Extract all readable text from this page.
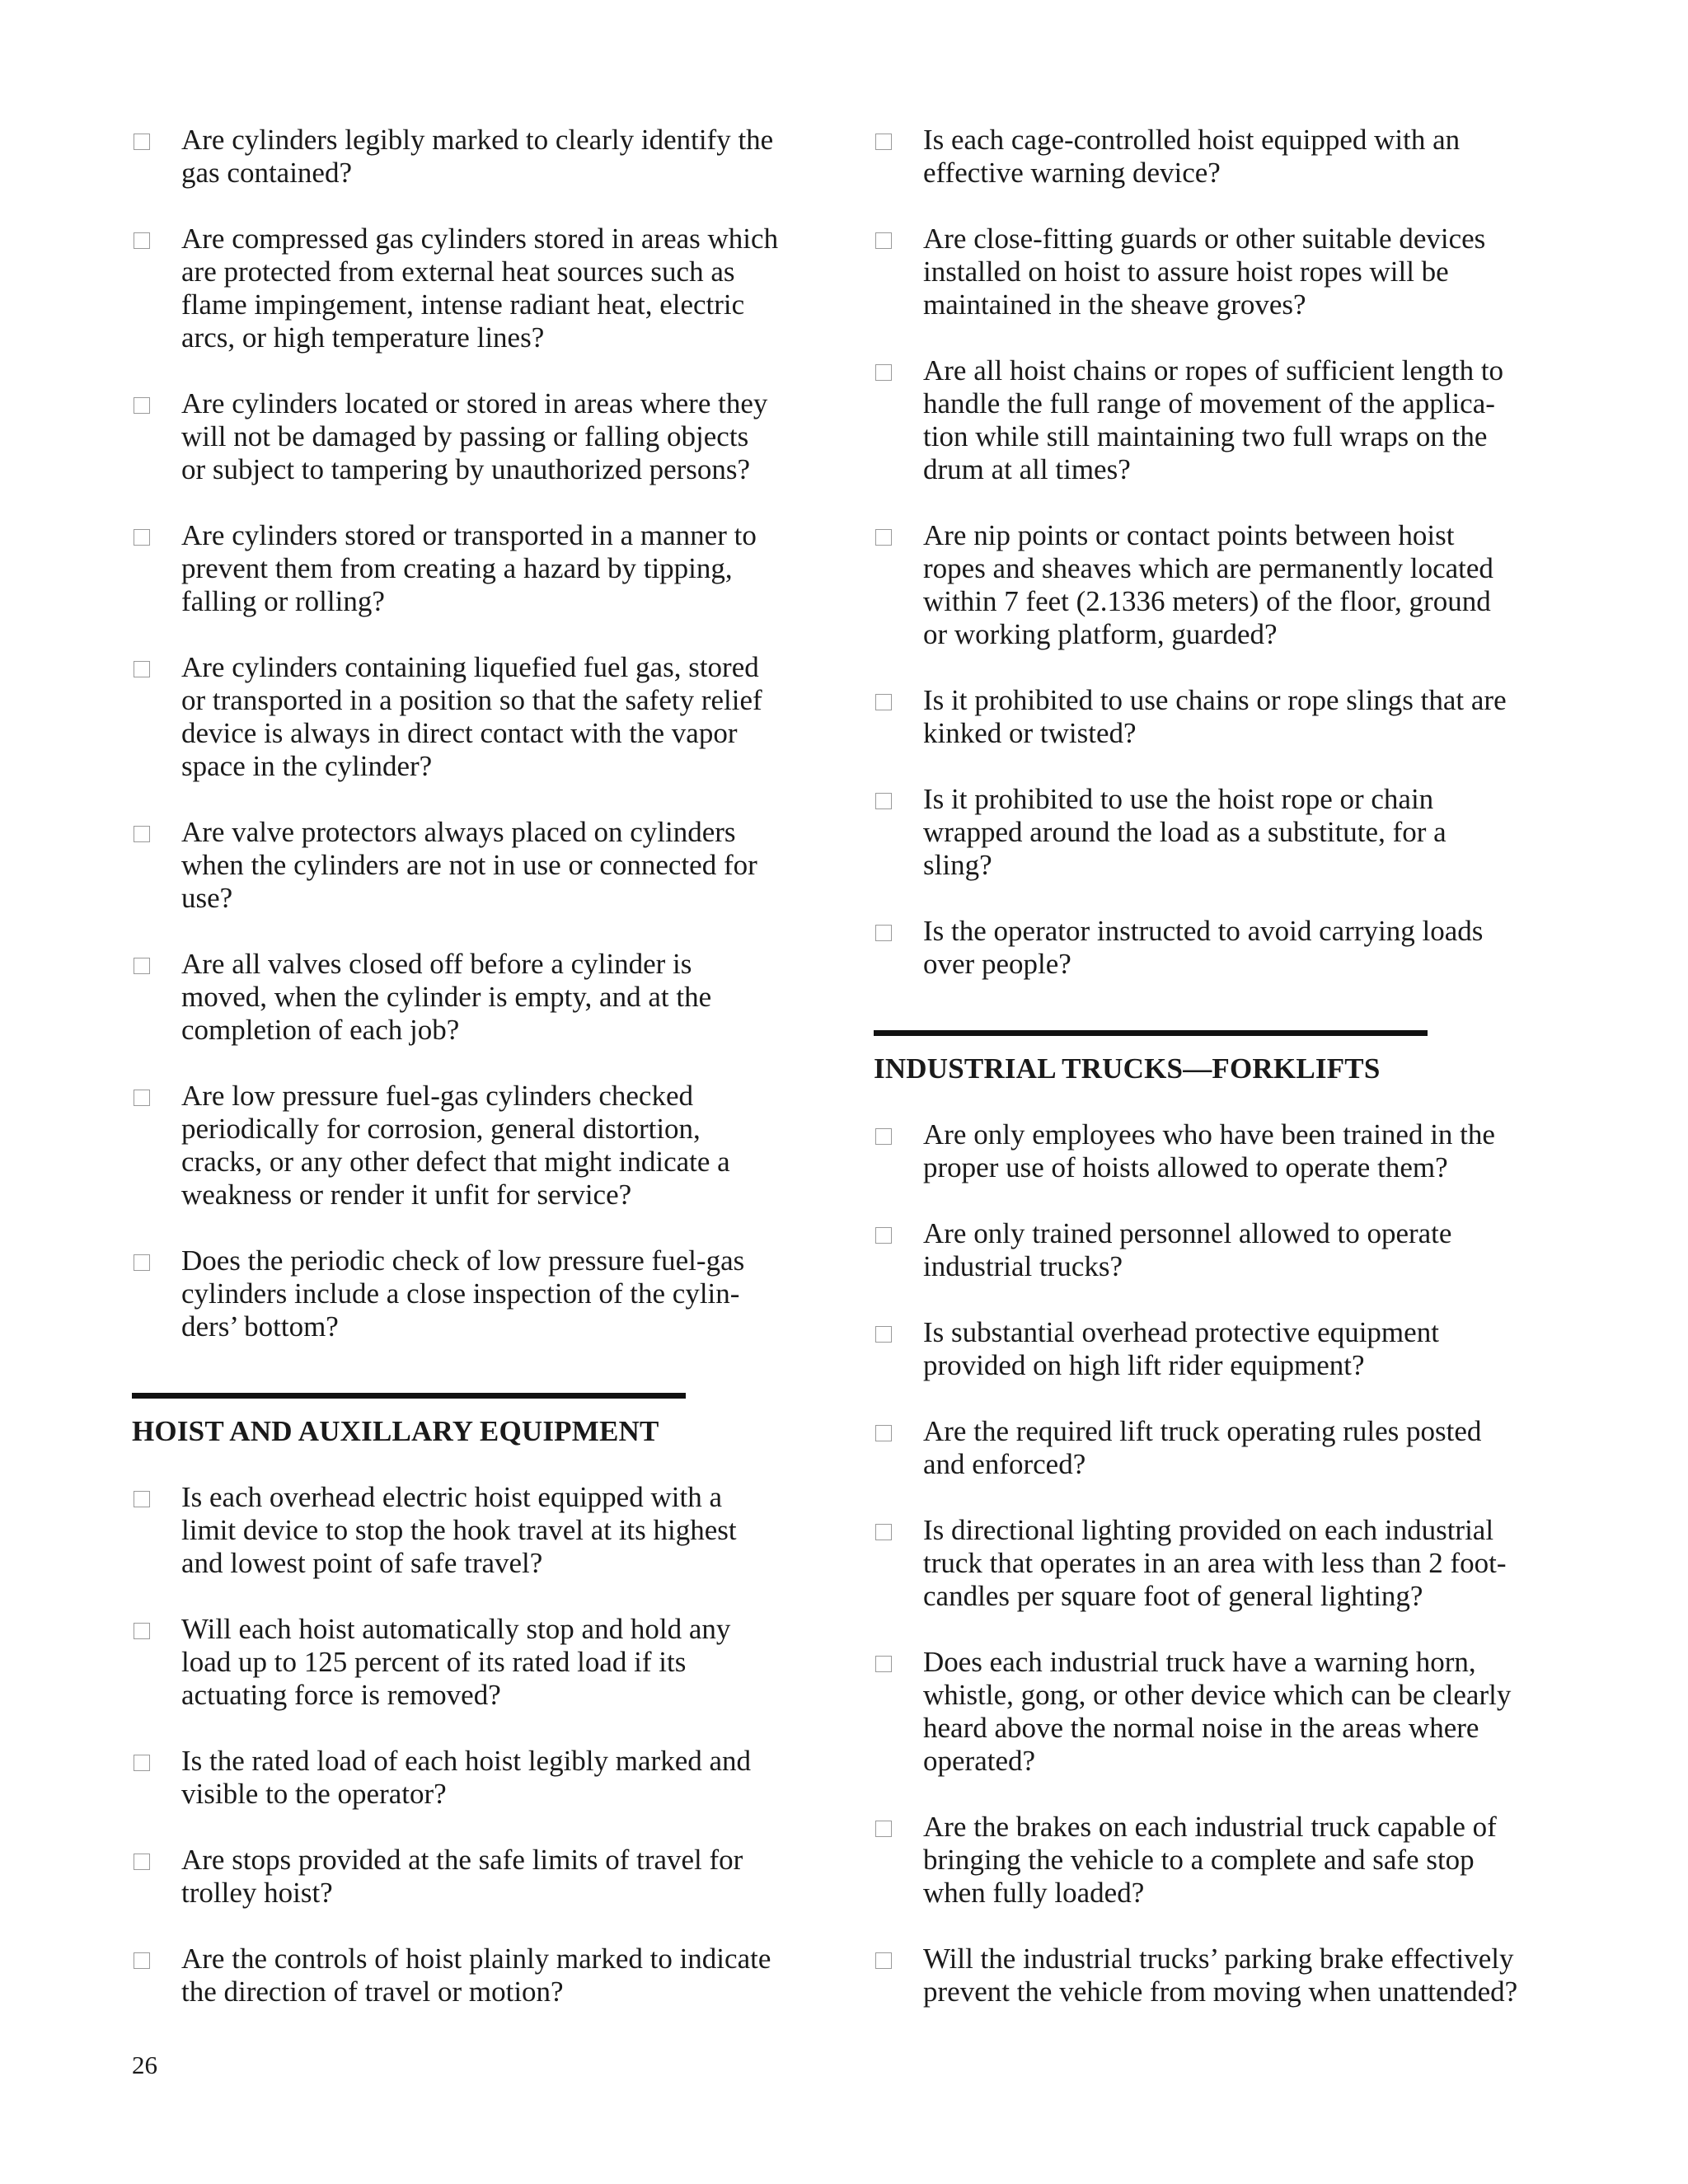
Are cylinders legibly marked to clearly identify the
gas contained?
Are compressed gas cylinders stored in areas which
are protected from external heat sources such as
flame impingement, intense radiant heat, electric
arcs, or high temperature lines?
Are cylinders located or stored in areas where they
will not be damaged by passing or falling objects
or subject to tampering by unauthorized persons?
Are cylinders stored or transported in a manner to
prevent them from creating a hazard by tipping,
falling or rolling?
Are cylinders containing liquefied fuel gas, stored
or transported in a position so that the safety relief
device is always in direct contact with the vapor
space in the cylinder?
Are valve protectors always placed on cylinders
when the cylinders are not in use or connected for
use?
Are all valves closed off before a cylinder is
moved, when the cylinder is empty, and at the
completion of each job?
Are low pressure fuel-gas cylinders checked
periodically for corrosion, general distortion,
cracks, or any other defect that might indicate a
weakness or render it unfit for service?
Does the periodic check of low pressure fuel-gas
cylinders include a close inspection of the cylin-
ders’ bottom?
HOIST AND AUXILLARY EQUIPMENT
Is each overhead electric hoist equipped with a
limit device to stop the hook travel at its highest
and lowest point of safe travel?
Will each hoist automatically stop and hold any
load up to 125 percent of its rated load if its
actuating force is removed?
Is the rated load of each hoist legibly marked and
visible to the operator?
Are stops provided at the safe limits of travel for
trolley hoist?
Are the controls of hoist plainly marked to indicate
the direction of travel or motion?
Is each cage-controlled hoist equipped with an
effective warning device?
Are close-fitting guards or other suitable devices
installed on hoist to assure hoist ropes will be
maintained in the sheave groves?
Are all hoist chains or ropes of sufficient length to
handle the full range of movement of the applica-
tion while still maintaining two full wraps on the
drum at all times?
Are nip points or contact points between hoist
ropes and sheaves which are permanently located
within 7 feet (2.1336 meters) of the floor, ground
or working platform, guarded?
Is it prohibited to use chains or rope slings that are
kinked or twisted?
Is it prohibited to use the hoist rope or chain
wrapped around the load as a substitute, for a
sling?
Is the operator instructed to avoid carrying loads
over people?
INDUSTRIAL TRUCKS—FORKLIFTS
Are only employees who have been trained in the
proper use of hoists allowed to operate them?
Are only trained personnel allowed to operate
industrial trucks?
Is substantial overhead protective equipment
provided on high lift rider equipment?
Are the required lift truck operating rules posted
and enforced?
Is directional lighting provided on each industrial
truck that operates in an area with less than 2 foot-
candles per square foot of general lighting?
Does each industrial truck have a warning horn,
whistle, gong, or other device which can be clearly
heard above the normal noise in the areas where
operated?
Are the brakes on each industrial truck capable of
bringing the vehicle to a complete and safe stop
when fully loaded?
Will the industrial trucks’ parking brake effectively
prevent the vehicle from moving when unattended?
26
